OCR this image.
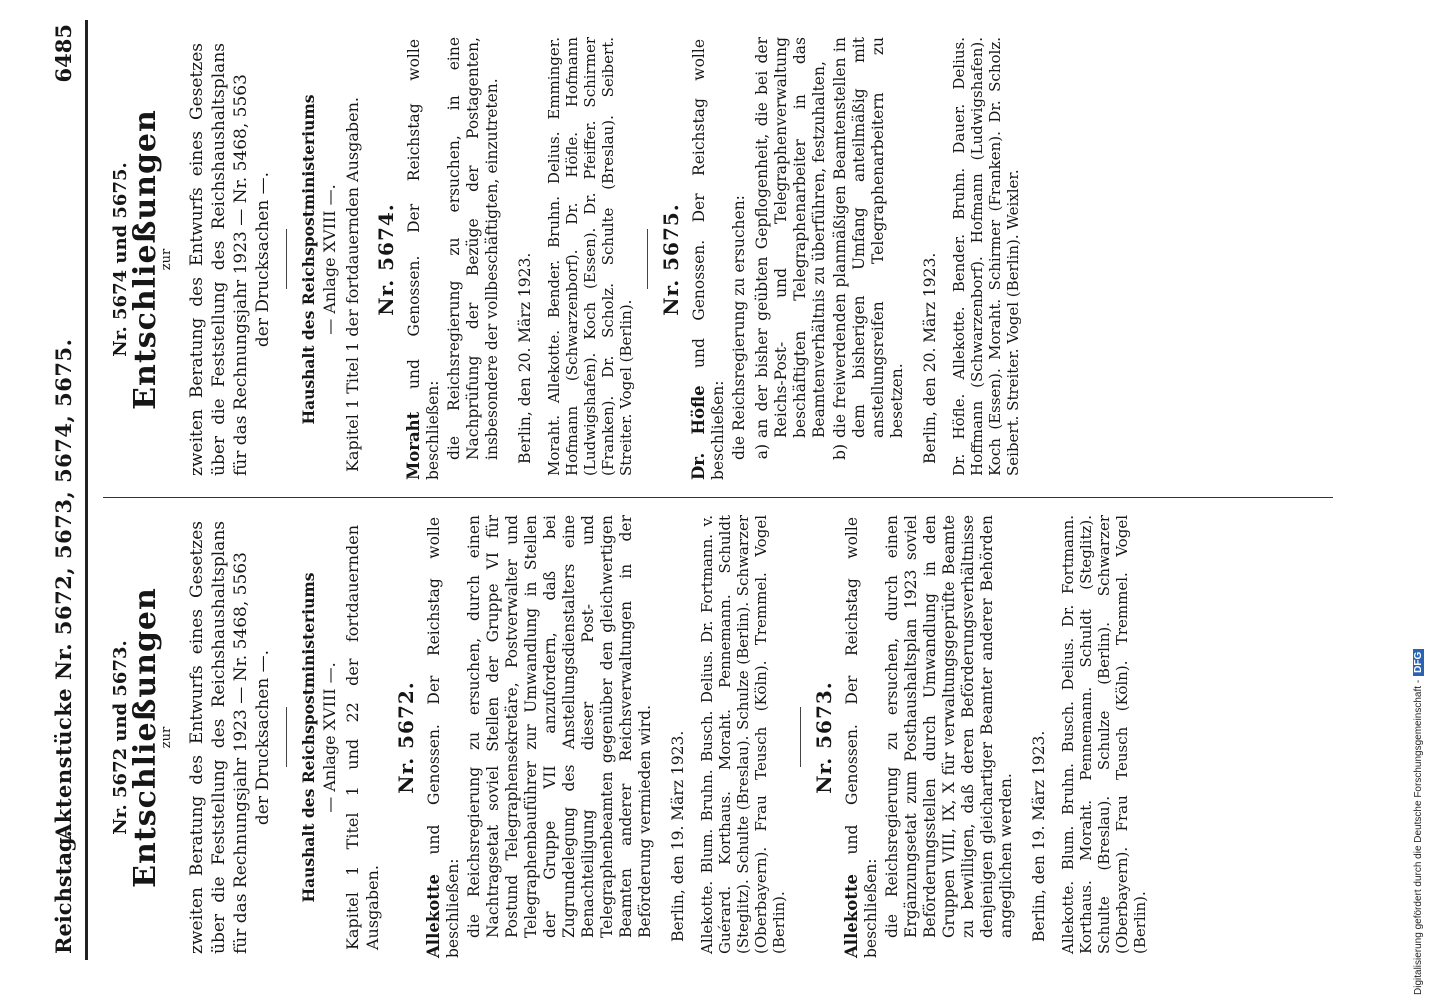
Reichstag.
Aktenstücke Nr. 5672, 5673, 5674, 5675.
6485
Nr. 5672 und 5673.
Entschließungen
zur zweiten Beratung des Entwurfs eines Gesetzes über die Feststellung des Reichshaushaltsplans für das Rechnungsjahr 1923 — Nr. 5468, 5563 der Drucksachen —. Haushalt des Reichspostministeriums — Anlage XVIII —. Kapitel 1 Titel 1 und 22 der fortdauernden Ausgaben.
Nr. 5672.
Allekotte und Genossen. Der Reichstag wolle beschließen: die Reichsregierung zu ersuchen, durch einen Nachtragsetat soviel Stellen der Gruppe VI für Postund Telegraphensekretäre, Postverwalter und Telegraphenbauführer zur Umwandlung in Stellen der Gruppe VII anzufordern, daß bei Zugrundelegung des Anstellungsdienstalters eine Benachteiligung dieser Post- und Telegraphenbeamten gegenüber den gleichwertigen Beamten anderer Reichsverwaltungen in der Beförderung vermieden wird. Berlin, den 19. März 1923. Allekotte. Blum. Bruhn. Busch. Delius. Dr. Fortmann. v. Guérard. Korthaus. Moraht. Pennemann. Schuldt (Steglitz). Schulte (Breslau). Schulze (Berlin). Schwarzer (Oberbayern). Frau Teusch (Köln). Tremmel. Vogel (Berlin).
Nr. 5673.
Allekotte und Genossen. Der Reichstag wolle beschließen: die Reichsregierung zu ersuchen, durch einen Ergänzungsetat zum Posthaushaltsplan 1923 soviel Beförderungsstellen durch Umwandlung in den Gruppen VIII, IX, X für verwaltungsgeprüfte Beamte zu bewilligen, daß deren Beförderungsverhältnisse denjenigen gleichartiger Beamter anderer Behörden angeglichen werden. Berlin, den 19. März 1923. Allekotte. Blum. Bruhn. Busch. Delius. Dr. Fortmann. Korthaus. Moraht. Pennemann. Schuldt (Steglitz). Schulte (Breslau). Schulze (Berlin). Schwarzer (Oberbayern). Frau Teusch (Köln). Tremmel. Vogel (Berlin).
Nr. 5674 und 5675.
Entschließungen
zur zweiten Beratung des Entwurfs eines Gesetzes über die Feststellung des Reichshaushaltsplans für das Rechnungsjahr 1923 — Nr. 5468, 5563 der Drucksachen —. Haushalt des Reichspostministeriums — Anlage XVIII —. Kapitel 1 Titel 1 der fortdauernden Ausgaben. Nr. 5674.
Moraht und Genossen. Der Reichstag wolle beschließen: die Reichsregierung zu ersuchen, in eine Nachprüfung der Bezüge der Postagenten, insbesondere der vollbeschäftigten, einzutreten. Berlin, den 20. März 1923. Moraht. Allekotte. Bender. Bruhn. Delius. Emminger. Hofmann (Schwarzenborf). Dr. Höfle. Hofmann (Ludwigshafen). Koch (Essen). Dr. Pfeiffer. Schirmer (Franken). Dr. Scholz. Schulte (Breslau). Seibert. Streiter. Vogel (Berlin).
Nr. 5675.
Dr. Höfle und Genossen. Der Reichstag wolle beschließen: die Reichsregierung zu ersuchen: a)
an der bisher geübten Gepflogenheit, die bei der Reichs-Post- und Telegraphenverwaltung beschäftigten Telegraphenarbeiter in das Beamtenverhältnis zu überführen, festzuhalten,
b)
die freiwerdenden planmäßigen Beamtenstellen in dem bisherigen Umfang anteilmäßig mit anstellungsreifen Telegraphenarbeitern zu besetzen. Berlin, den 20. März 1923. Dr. Höfle. Allekotte. Bender. Bruhn. Dauer. Delius. Hoffmann (Schwarzenborf). Hofmann (Ludwigshafen). Koch (Essen). Moraht. Schirmer (Franken). Dr. Scholz. Seibert. Streiter. Vogel (Berlin). Weixler.
Digitalisierung gefördert durch die Deutsche Forschungsgemeinschaft -DFG
